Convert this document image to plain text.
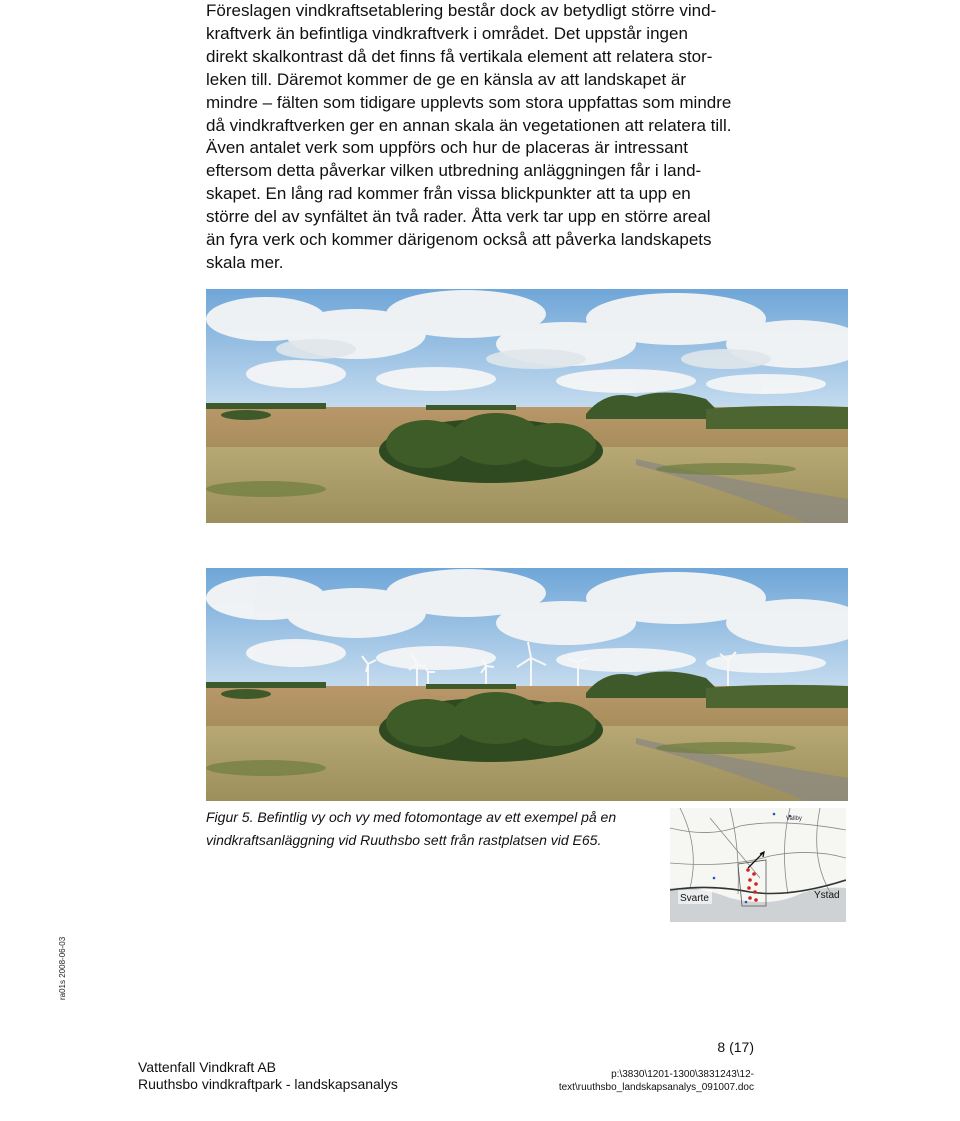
Föreslagen vindkraftsetablering består dock av betydligt större vind-
kraftverk än befintliga vindkraftverk i området. Det uppstår ingen
direkt skalkontrast då det finns få vertikala element att relatera stor-
leken till. Däremot kommer de ge en känsla av att landskapet är
mindre – fälten som tidigare upplevts som stora uppfattas som mindre
då vindkraftverken ger en annan skala än vegetationen att relatera till.
Även antalet verk som uppförs och hur de placeras är intressant
eftersom detta påverkar vilken utbredning anläggningen får i land-
skapet. En lång rad kommer från vissa blickpunkter att ta upp en
större del av synfältet än två rader. Åtta verk tar upp en större areal
än fyra verk och kommer därigenom också att påverka landskapets
skala mer.
Figur 5. Befintlig vy och vy med fotomontage av ett exempel på en
vindkraftsanläggning vid Ruuthsbo sett från rastplatsen vid E65.
Vallby
Svarte	Ystad
ra01s 2008-06-03
8 (17)
Vattenfall Vindkraft AB
Ruuthsbo vindkraftpark - landskapsanalys
p:\3830\1201-1300\3831243\12-
text\ruuthsbo_landskapsanalys_091007.doc
